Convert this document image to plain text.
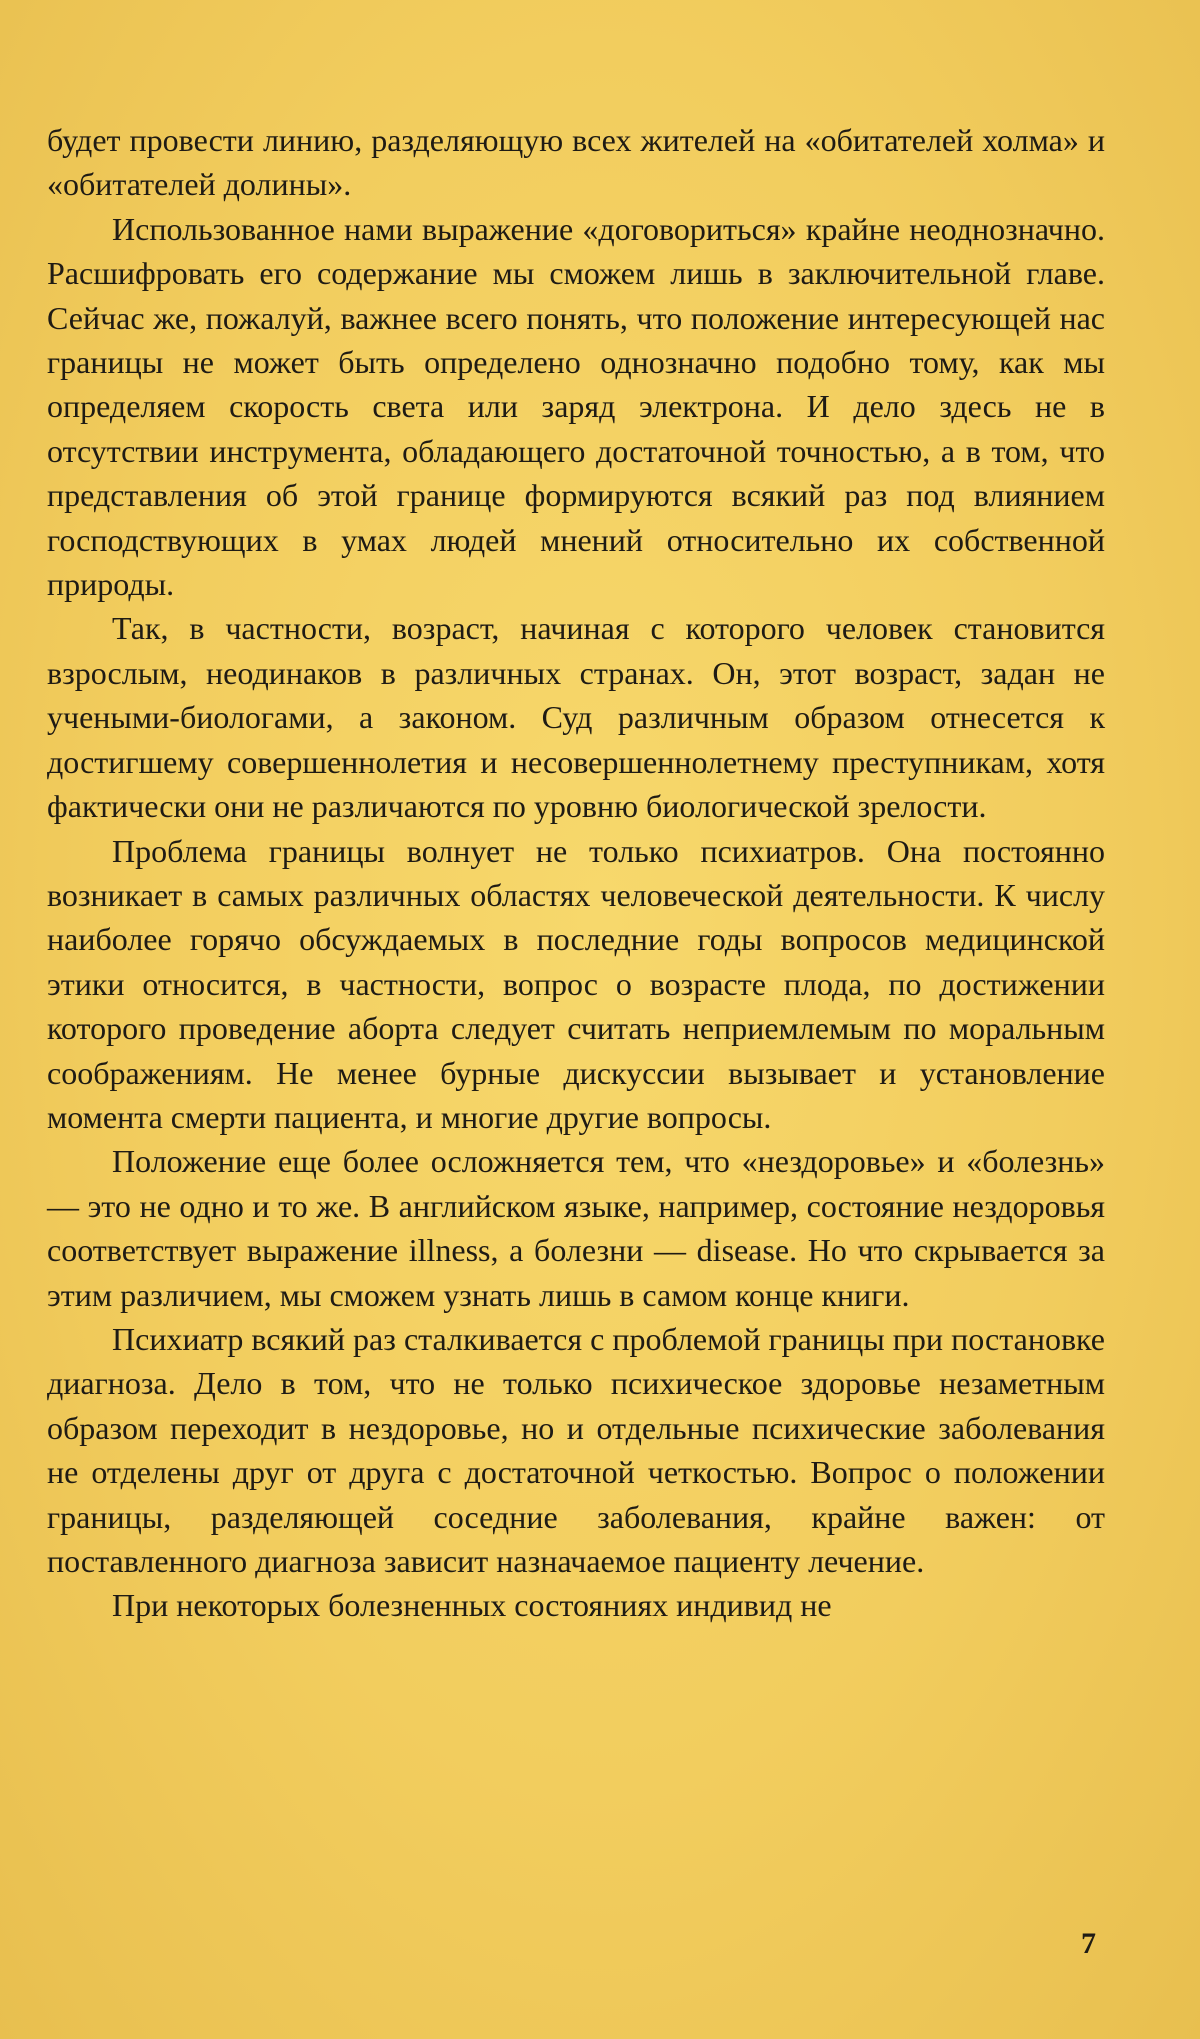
будет провести линию, разделяющую всех жителей на «обитателей холма» и «обитателей долины».

Использованное нами выражение «договориться» крайне неоднозначно. Расшифровать его содержание мы сможем лишь в заключительной главе. Сейчас же, пожалуй, важнее всего понять, что положение интересующей нас границы не может быть определено однозначно подобно тому, как мы определяем скорость света или заряд электрона. И дело здесь не в отсутствии инструмента, обладающего достаточной точностью, а в том, что представления об этой границе формируются всякий раз под влиянием господствующих в умах людей мнений относительно их собственной природы.

Так, в частности, возраст, начиная с которого человек становится взрослым, неодинаков в различных странах. Он, этот возраст, задан не учеными-биологами, а законом. Суд различным образом отнесется к достигшему совершеннолетия и несовершеннолетнему преступникам, хотя фактически они не различаются по уровню биологической зрелости.

Проблема границы волнует не только психиатров. Она постоянно возникает в самых различных областях человеческой деятельности. К числу наиболее горячо обсуждаемых в последние годы вопросов медицинской этики относится, в частности, вопрос о возрасте плода, по достижении которого проведение аборта следует считать неприемлемым по моральным соображениям. Не менее бурные дискуссии вызывает и установление момента смерти пациента, и многие другие вопросы.

Положение еще более осложняется тем, что «нездоровье» и «болезнь» — это не одно и то же. В английском языке, например, состояние нездоровья соответствует выражение illness, а болезни — disease. Но что скрывается за этим различием, мы сможем узнать лишь в самом конце книги.

Психиатр всякий раз сталкивается с проблемой границы при постановке диагноза. Дело в том, что не только психическое здоровье незаметным образом переходит в нездоровье, но и отдельные психические заболевания не отделены друг от друга с достаточной четкостью. Вопрос о положении границы, разделяющей соседние заболевания, крайне важен: от поставленного диагноза зависит назначаемое пациенту лечение.

При некоторых болезненных состояниях индивид не

7
